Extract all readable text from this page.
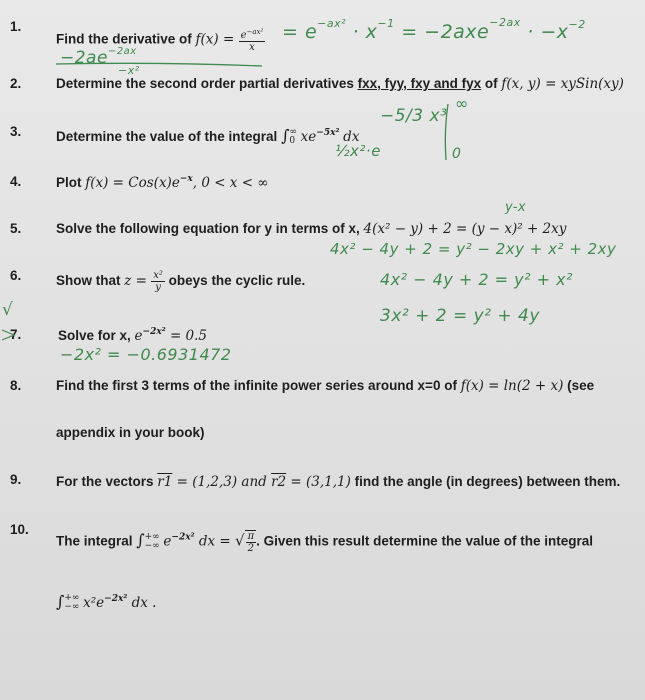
1.
Find the derivative of $f(x) = \frac{e^{-ax^2}}{x}$
2.	Determine the second order partial derivatives fxx, fyy, fxy and fyx of f(x, y) = xySin(xy)
3.	Determine the value of the integral ∫ ∞
0 $xe^{-5x^2}$ dx
4.	Plot $f(x) = Cos(x)e^{-x}$, 0 < x < ∞
5.	Solve the following equation for y in terms of x, 4(x² − y) + 2 = (y − x)² + 2xy
6.	Show that $z = \frac{\text{x²}}{y}$ obeys the cyclic rule.
7.	Solve for x, $e^{-2x^2} = 0.5$
8.	Find the first 3 terms of the infinite power series around x=0 of f(x) = ln(2 + x) (see
appendix in your book)
9.	For the vectors r1 = (1,2,3) and r2 = (3,1,1) find the angle (in degrees) between them.
10.
The integral ∫ +∞
−∞ $e^{-2x^2}$ dx = √ $\frac{\pi}{2}$ . Given this result determine the value of the integral
∫ +∞
−∞ $x^2e^{-2x^2}$ dx .
= $e^{-ax^2} \cdot x^{-1} = -2axe^{-2ax} \cdot -x^{-2}$
$-2ae^{-2ax}$
−x²
∞
−5/3 x³
½x²·e	0
y-x
4x² − 4y + 2 = y² − 2xy + x² + 2xy
4x² − 4y + 2 = y² + x²
3x² + 2 = y² + 4y
√
−2x² = −0.6931472
